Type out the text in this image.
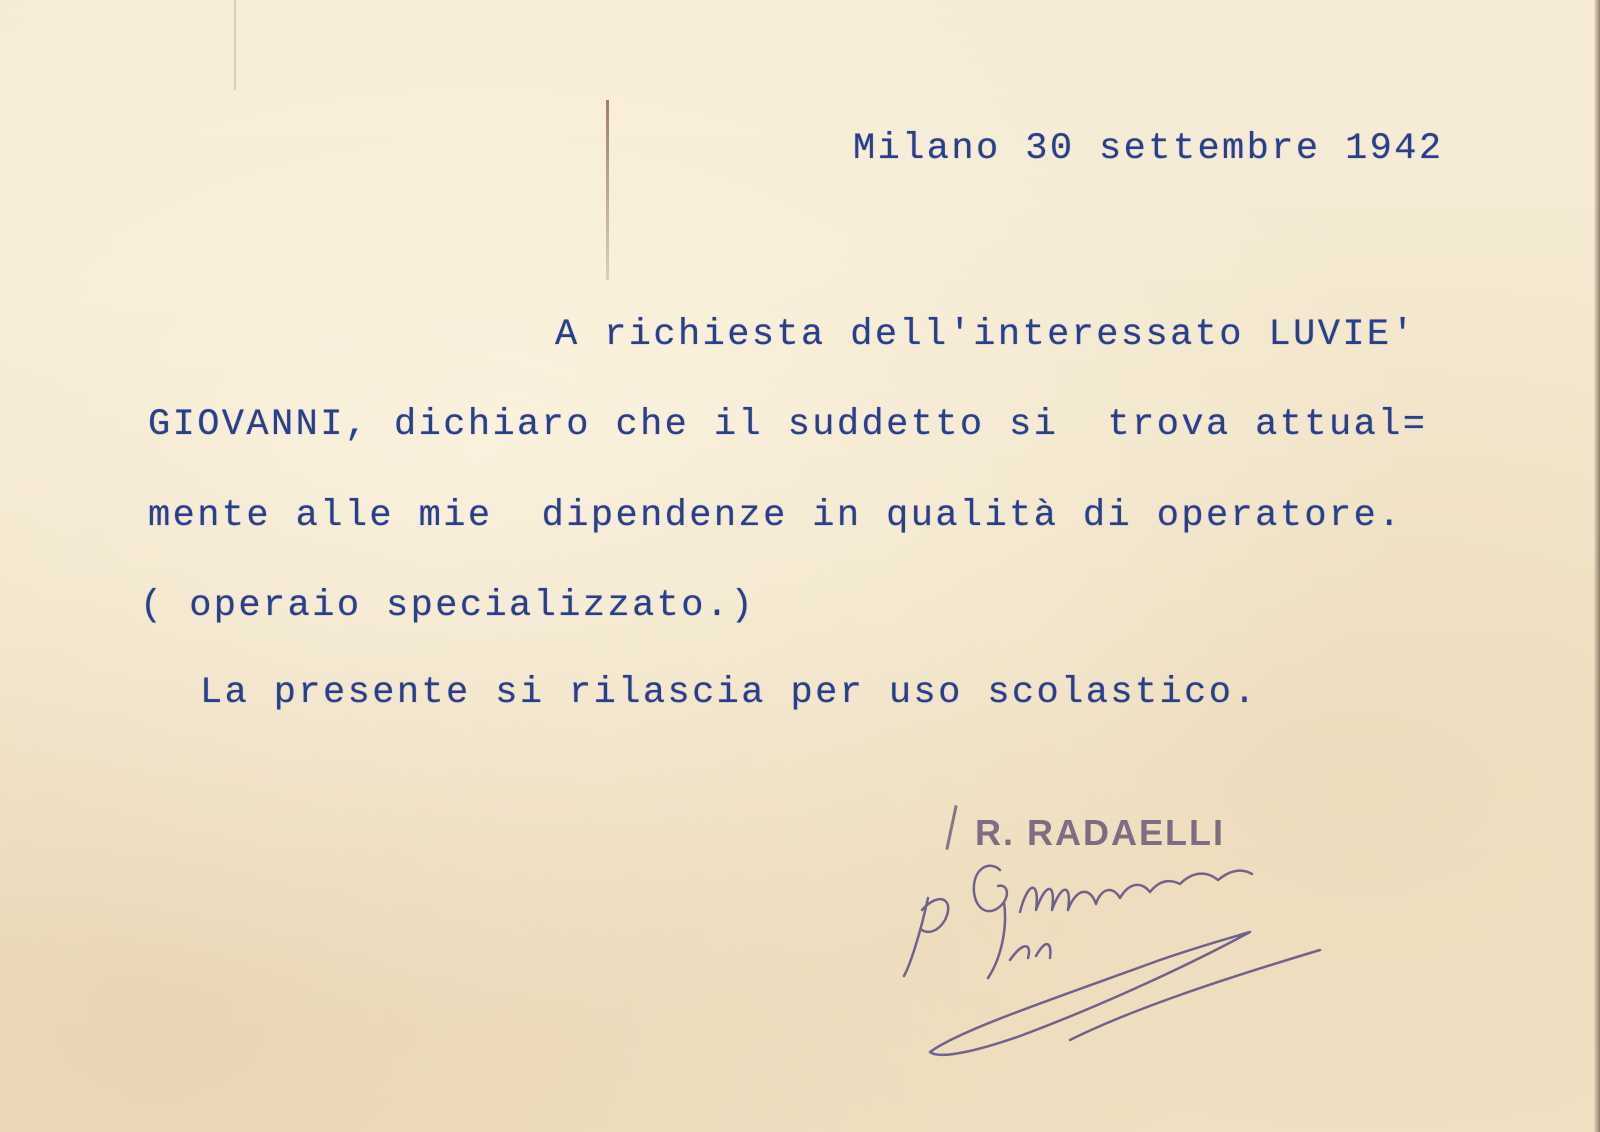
Milano 30 settembre 1942

A richiesta dell'interessato LUVIE'

GIOVANNI, dichiaro che il suddetto si  trova attual=

mente alle mie  dipendenze in qualità di operatore.

( operaio specializzato.)

La presente si rilascia per uso scolastico.

R. RADAELLI
